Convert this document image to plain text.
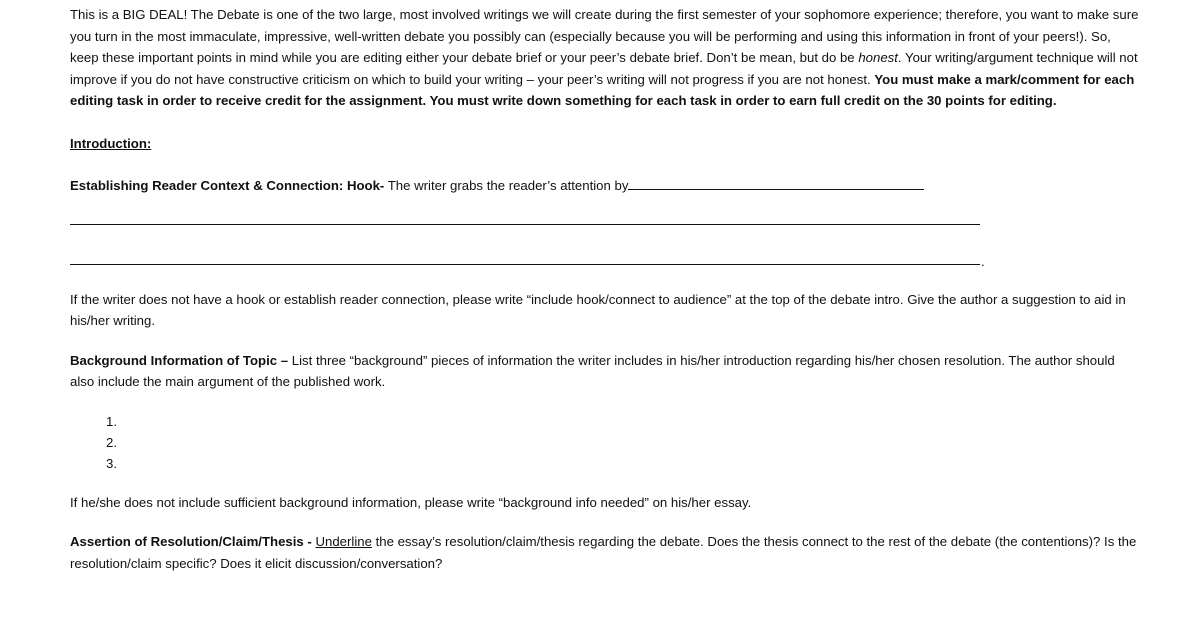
This is a BIG DEAL! The Debate is one of the two large, most involved writings we will create during the first semester of your sophomore experience; therefore, you want to make sure you turn in the most immaculate, impressive, well-written debate you possibly can (especially because you will be performing and using this information in front of your peers!). So, keep these important points in mind while you are editing either your debate brief or your peer’s debate brief. Don’t be mean, but do be honest. Your writing/argument technique will not improve if you do not have constructive criticism on which to build your writing – your peer’s writing will not progress if you are not honest. You must make a mark/comment for each editing task in order to receive credit for the assignment. You must write down something for each task in order to earn full credit on the 30 points for editing.

Introduction:

Establishing Reader Context & Connection: Hook- The writer grabs the reader’s attention by

.

If the writer does not have a hook or establish reader connection, please write “include hook/connect to audience” at the top of the debate intro. Give the author a suggestion to aid in his/her writing.

Background Information of Topic – List three “background” pieces of information the writer includes in his/her introduction regarding his/her chosen resolution. The author should also include the main argument of the published work.

1.
2.
3.

If he/she does not include sufficient background information, please write “background info needed” on his/her essay.

Assertion of Resolution/Claim/Thesis - Underline the essay’s resolution/claim/thesis regarding the debate. Does the thesis connect to the rest of the debate (the contentions)? Is the resolution/claim specific? Does it elicit discussion/conversation?
